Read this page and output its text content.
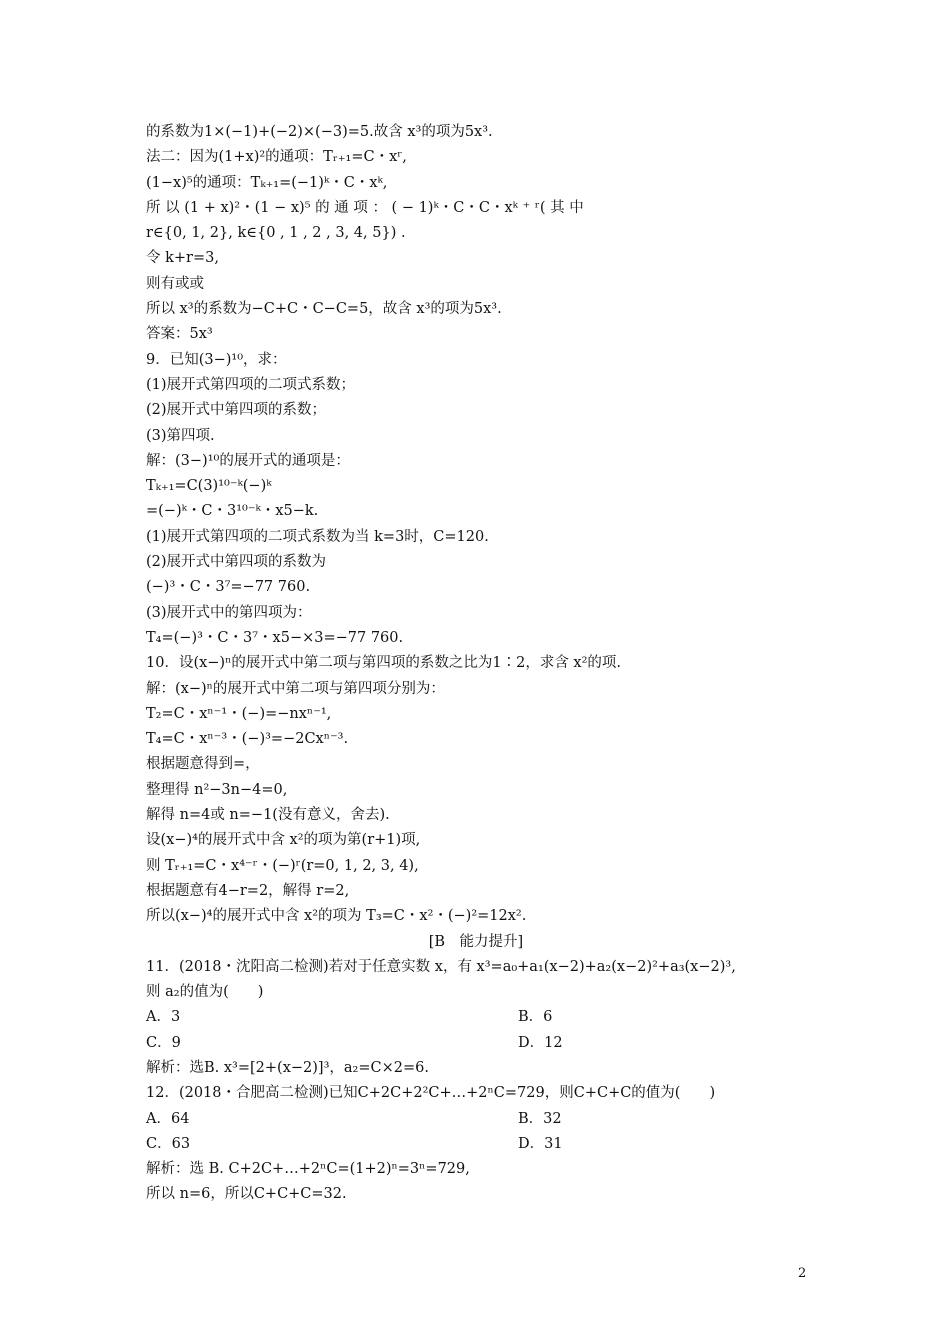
的系数为1×(−1)+(−2)×(−3)=5.故含 x³的项为5x³.
法二：因为(1+x)²的通项：Tᵣ₊₁=C・xʳ,
(1−x)⁵的通项：Tₖ₊₁=(−1)ᵏ・C・xᵏ,
所 以 (1 + x)²・(1 − x)⁵ 的 通 项 ： ( − 1)ᵏ・C・C・xᵏ ⁺ ʳ( 其 中
r∈{0, 1, 2}, k∈{0 , 1 , 2 , 3, 4, 5}) .
令 k+r=3,
则有或或
所以 x³的系数为−C+C・C−C=5，故含 x³的项为5x³.
答案：5x³
9．已知(3−)¹⁰，求：
(1)展开式第四项的二项式系数；
(2)展开式中第四项的系数；
(3)第四项.
解：(3−)¹⁰的展开式的通项是：
Tₖ₊₁=C(3)¹⁰⁻ᵏ(−)ᵏ
=(−)ᵏ・C・3¹⁰⁻ᵏ・x5−k.
(1)展开式第四项的二项式系数为当 k=3时，C=120.
(2)展开式中第四项的系数为
(−)³・C・3⁷=−77 760.
(3)展开式中的第四项为：
T₄=(−)³・C・3⁷・x5−×3=−77 760.
10．设(x−)ⁿ的展开式中第二项与第四项的系数之比为1∶2，求含 x²的项.
解：(x−)ⁿ的展开式中第二项与第四项分别为：
T₂=C・xⁿ⁻¹・(−)=−nxⁿ⁻¹,
T₄=C・xⁿ⁻³・(−)³=−2Cxⁿ⁻³.
根据题意得到=，
整理得 n²−3n−4=0,
解得 n=4或 n=−1(没有意义，舍去).
设(x−)⁴的展开式中含 x²的项为第(r+1)项,
则 Tᵣ₊₁=C・x⁴⁻ʳ・(−)ʳ(r=0, 1, 2, 3, 4),
根据题意有4−r=2，解得 r=2,
所以(x−)⁴的展开式中含 x²的项为 T₃=C・x²・(−)²=12x².
[B　能力提升]
11．(2018・沈阳高二检测)若对于任意实数 x，有 x³=a₀+a₁(x−2)+a₂(x−2)²+a₃(x−2)³,
则 a₂的值为(　　)
A．3	B．6
C．9	D．12
解析：选B. x³=[2+(x−2)]³，a₂=C×2=6.
12．(2018・合肥高二检测)已知C+2C+2²C+…+2ⁿC=729，则C+C+C的值为(　　)
A．64	B．32
C．63	D．31
解析：选 B. C+2C+…+2ⁿC=(1+2)ⁿ=3ⁿ=729,
所以 n=6，所以C+C+C=32.
2
